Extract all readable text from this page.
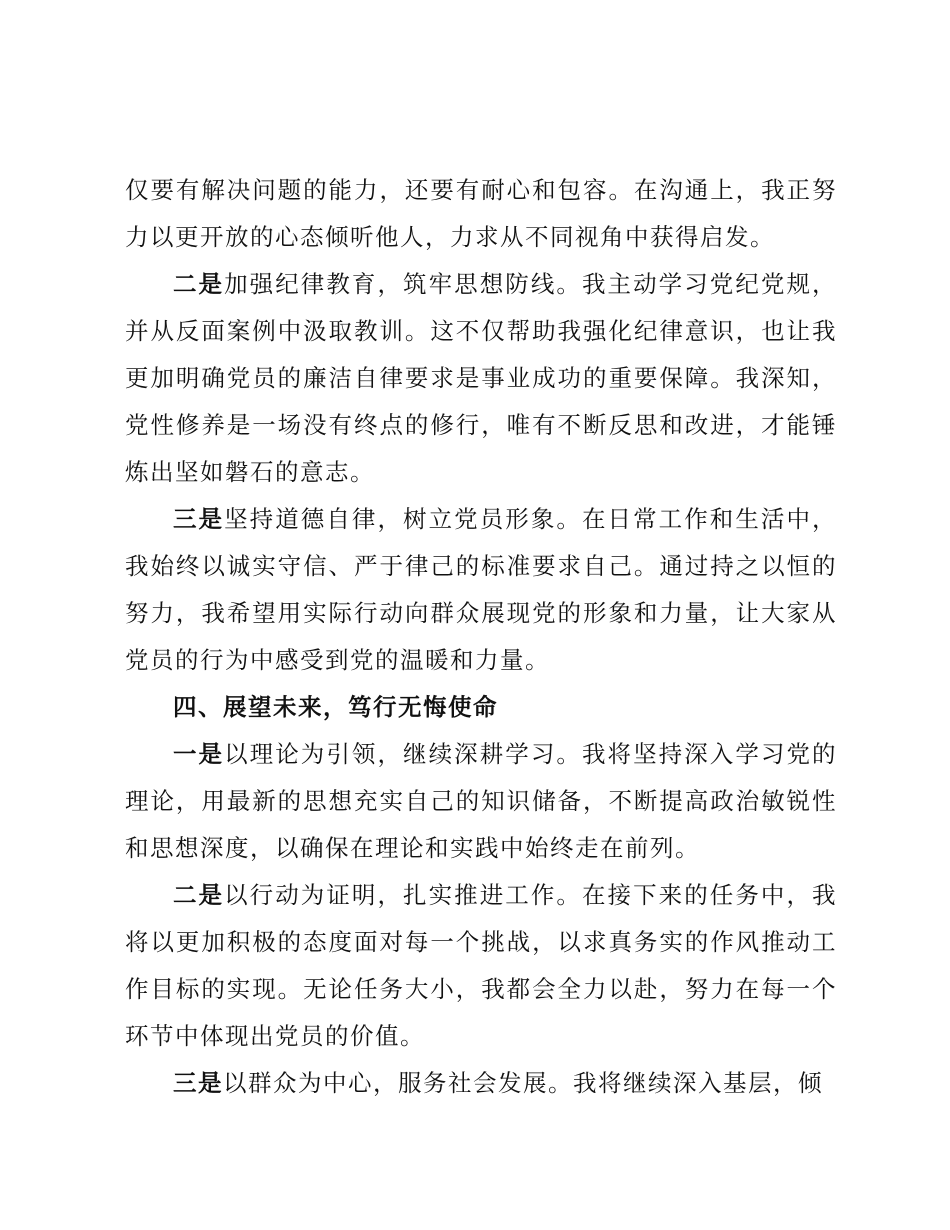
仅要有解决问题的能力，还要有耐心和包容。在沟通上，我正努力以更开放的心态倾听他人，力求从不同视角中获得启发。

二是加强纪律教育，筑牢思想防线。我主动学习党纪党规，并从反面案例中汲取教训。这不仅帮助我强化纪律意识，也让我更加明确党员的廉洁自律要求是事业成功的重要保障。我深知，党性修养是一场没有终点的修行，唯有不断反思和改进，才能锤炼出坚如磐石的意志。

三是坚持道德自律，树立党员形象。在日常工作和生活中，我始终以诚实守信、严于律己的标准要求自己。通过持之以恒的努力，我希望用实际行动向群众展现党的形象和力量，让大家从党员的行为中感受到党的温暖和力量。

四、展望未来，笃行无悔使命

一是以理论为引领，继续深耕学习。我将坚持深入学习党的理论，用最新的思想充实自己的知识储备，不断提高政治敏锐性和思想深度，以确保在理论和实践中始终走在前列。

二是以行动为证明，扎实推进工作。在接下来的任务中，我将以更加积极的态度面对每一个挑战，以求真务实的作风推动工作目标的实现。无论任务大小，我都会全力以赴，努力在每一个环节中体现出党员的价值。

三是以群众为中心，服务社会发展。我将继续深入基层，倾
